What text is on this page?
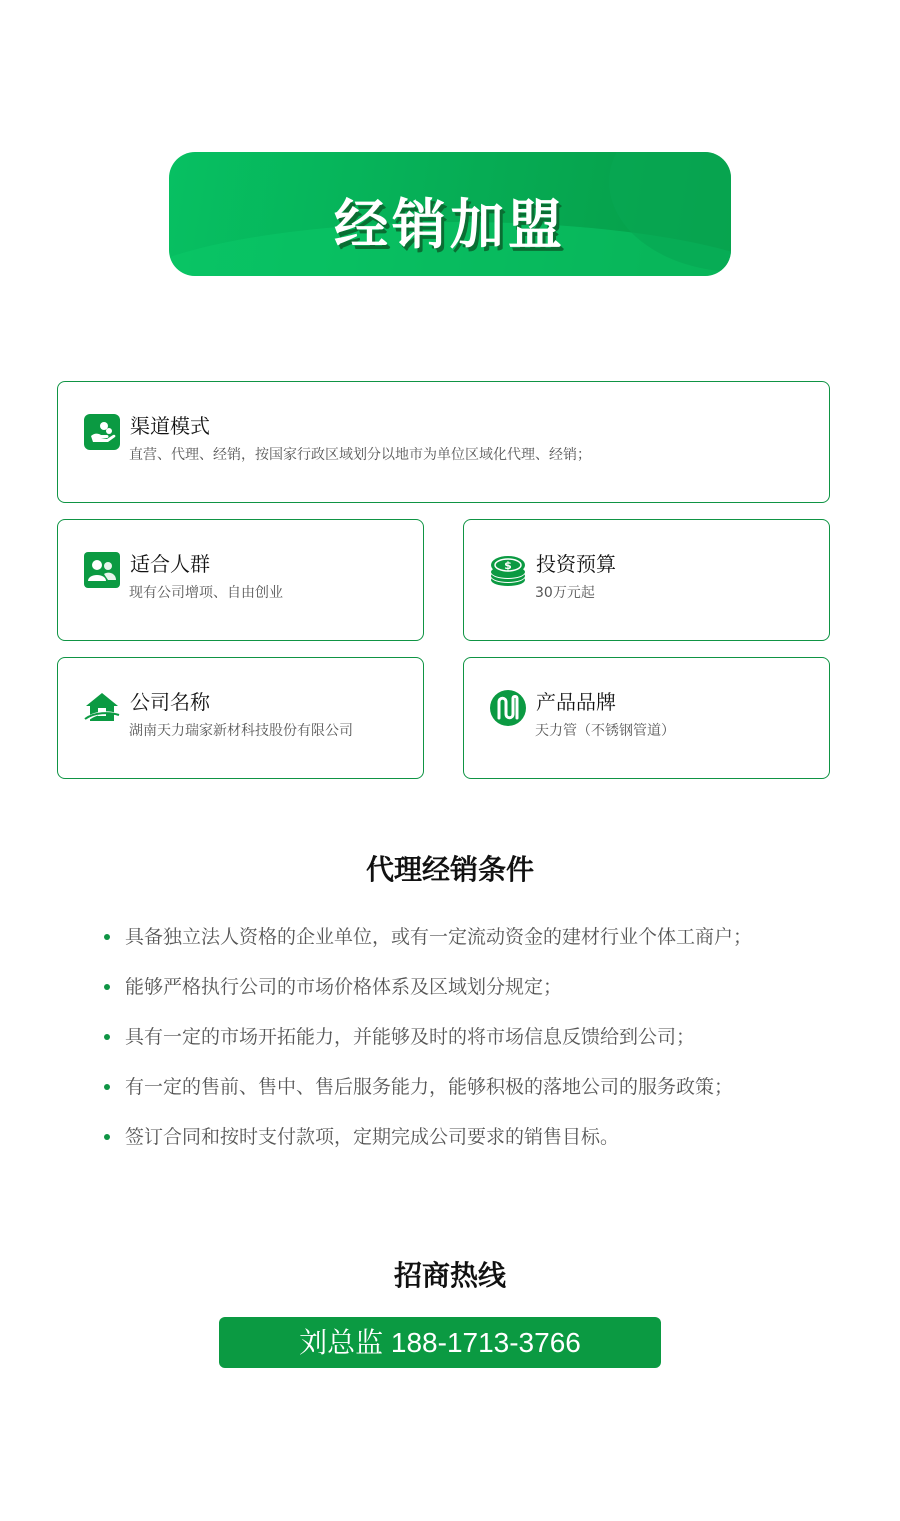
经销加盟
渠道模式
直营、代理、经销，按国家行政区域划分以地市为单位区域化代理、经销；
适合人群
现有公司增项、自由创业
$ 投资预算
30万元起
公司名称
湖南天力瑞家新材科技股份有限公司
产品品牌
天力管（不锈钢管道）
代理经销条件
具备独立法人资格的企业单位，或有一定流动资金的建材行业个体工商户；
能够严格执行公司的市场价格体系及区域划分规定；
具有一定的市场开拓能力，并能够及时的将市场信息反馈给到公司；
有一定的售前、售中、售后服务能力，能够积极的落地公司的服务政策；
签订合同和按时支付款项，定期完成公司要求的销售目标。
招商热线
刘总监 188-1713-3766
